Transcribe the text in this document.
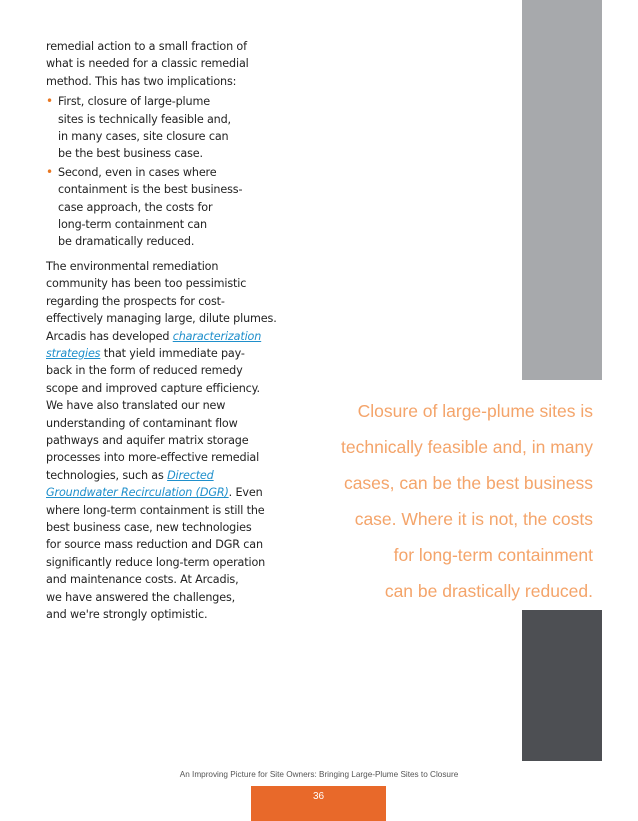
remedial action to a small fraction of
what is needed for a classic remedial
method. This has two implications:

• First, closure of large-plume
sites is technically feasible and,
in many cases, site closure can
be the best business case.
• Second, even in cases where
containment is the best business-
case approach, the costs for
long-term containment can
be dramatically reduced.

The environmental remediation
community has been too pessimistic
regarding the prospects for cost-
effectively managing large, dilute plumes.
Arcadis has developed characterization
strategies that yield immediate pay-
back in the form of reduced remedy
scope and improved capture efficiency.
We have also translated our new
understanding of contaminant flow
pathways and aquifer matrix storage
processes into more-effective remedial
technologies, such as Directed
Groundwater Recirculation (DGR). Even
where long-term containment is still the
best business case, new technologies
for source mass reduction and DGR can
significantly reduce long-term operation
and maintenance costs. At Arcadis,
we have answered the challenges,
and we're strongly optimistic.

Closure of large-plume sites is
technically feasible and, in many
cases, can be the best business
case. Where it is not, the costs
for long-term containment
can be drastically reduced.
An Improving Picture for Site Owners: Bringing Large-Plume Sites to Closure
36
